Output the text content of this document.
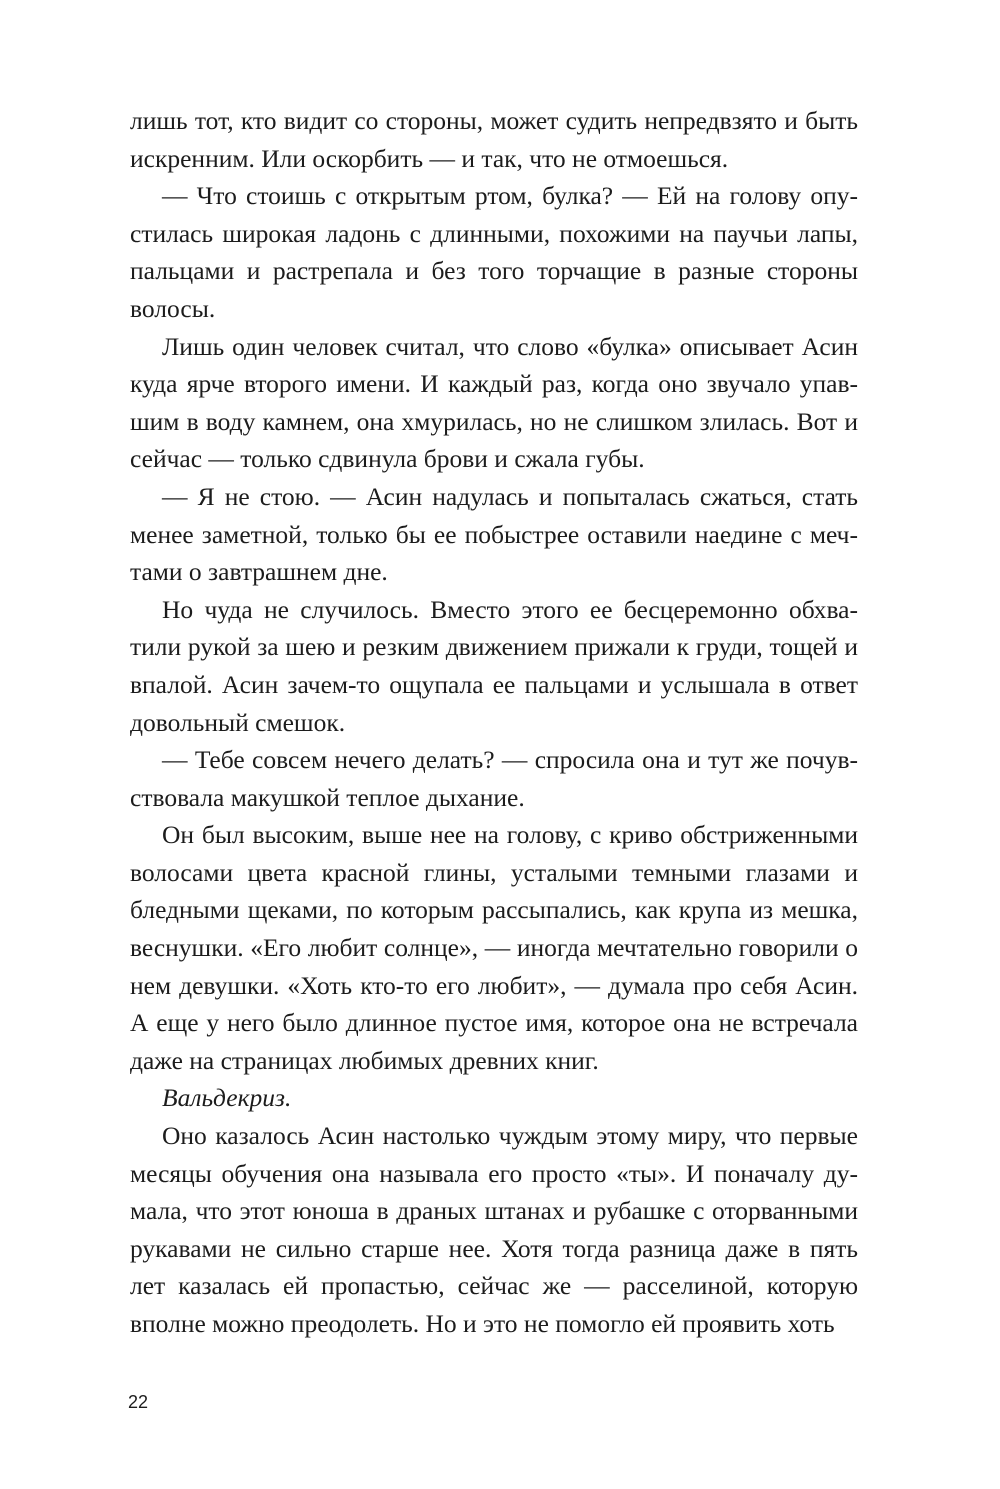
лишь тот, кто видит со стороны, может судить непредвзято и быть искренним. Или оскорбить — и так, что не отмоешься.

— Что стоишь с открытым ртом, булка? — Ей на голову опустилась широкая ладонь с длинными, похожими на паучьи лапы, пальцами и растрепала и без того торчащие в разные стороны волосы.

Лишь один человек считал, что слово «булка» описывает Асин куда ярче второго имени. И каждый раз, когда оно звучало упавшим в воду камнем, она хмурилась, но не слишком злилась. Вот и сейчас — только сдвинула брови и сжала губы.

— Я не стою. — Асин надулась и попыталась сжаться, стать менее заметной, только бы ее побыстрее оставили наедине с мечтами о завтрашнем дне.

Но чуда не случилось. Вместо этого ее бесцеремонно обхватили рукой за шею и резким движением прижали к груди, тощей и впалой. Асин зачем-то ощупала ее пальцами и услышала в ответ довольный смешок.

— Тебе совсем нечего делать? — спросила она и тут же почувствовала макушкой теплое дыхание.

Он был высоким, выше нее на голову, с криво обстриженными волосами цвета красной глины, усталыми темными глазами и бледными щеками, по которым рассыпались, как крупа из мешка, веснушки. «Его любит солнце», — иногда мечтательно говорили о нем девушки. «Хоть кто-то его любит», — думала про себя Асин. А еще у него было длинное пустое имя, которое она не встречала даже на страницах любимых древних книг.

Вальдекриз.

Оно казалось Асин настолько чуждым этому миру, что первые месяцы обучения она называла его просто «ты». И поначалу думала, что этот юноша в драных штанах и рубашке с оторванными рукавами не сильно старше нее. Хотя тогда разница даже в пять лет казалась ей пропастью, сейчас же — расселиной, которую вполне можно преодолеть. Но и это не помогло ей проявить хоть

22
